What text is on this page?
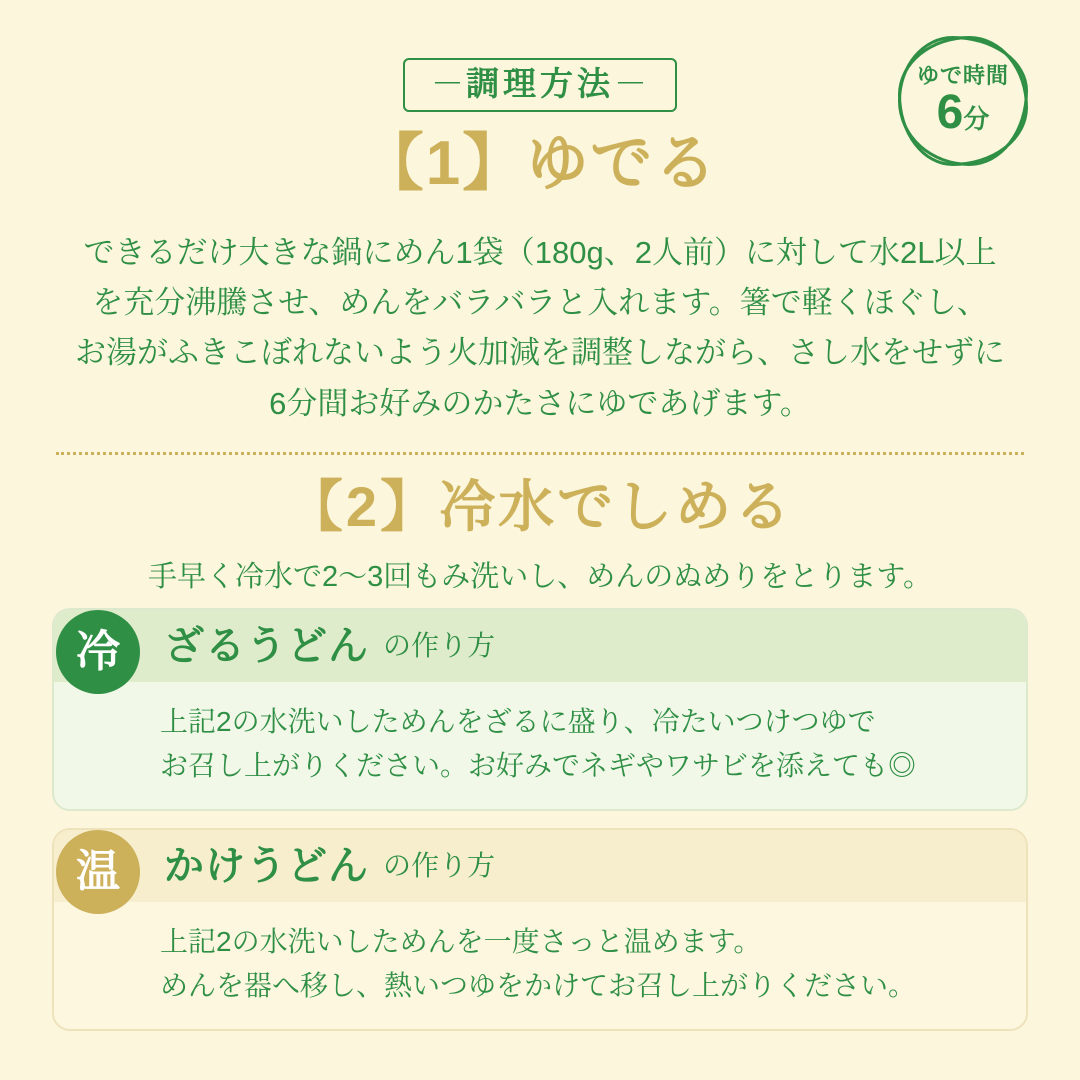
－調理方法－	ゆで時間
6分
【1】ゆでる

できるだけ大きな鍋にめん1袋（180g、2人前）に対して水2L以上

を充分沸騰させ、めんをバラバラと入れます。箸で軽くほぐし、

お湯がふきこぼれないよう火加減を調整しながら、さし水をせずに

6分間お好みのかたさにゆであげます。

【2】冷水でしめる
手早く冷水で2〜3回もみ洗いし、めんのぬめりをとります。
ざるうどん の作り方

上記2の水洗いしためんをざるに盛り、冷たいつけつゆで

お召し上がりください。お好みでネギやワサビを添えても◎

冷
かけうどん の作り方

上記2の水洗いしためんを一度さっと温めます。

めんを器へ移し、熱いつゆをかけてお召し上がりください。

温
